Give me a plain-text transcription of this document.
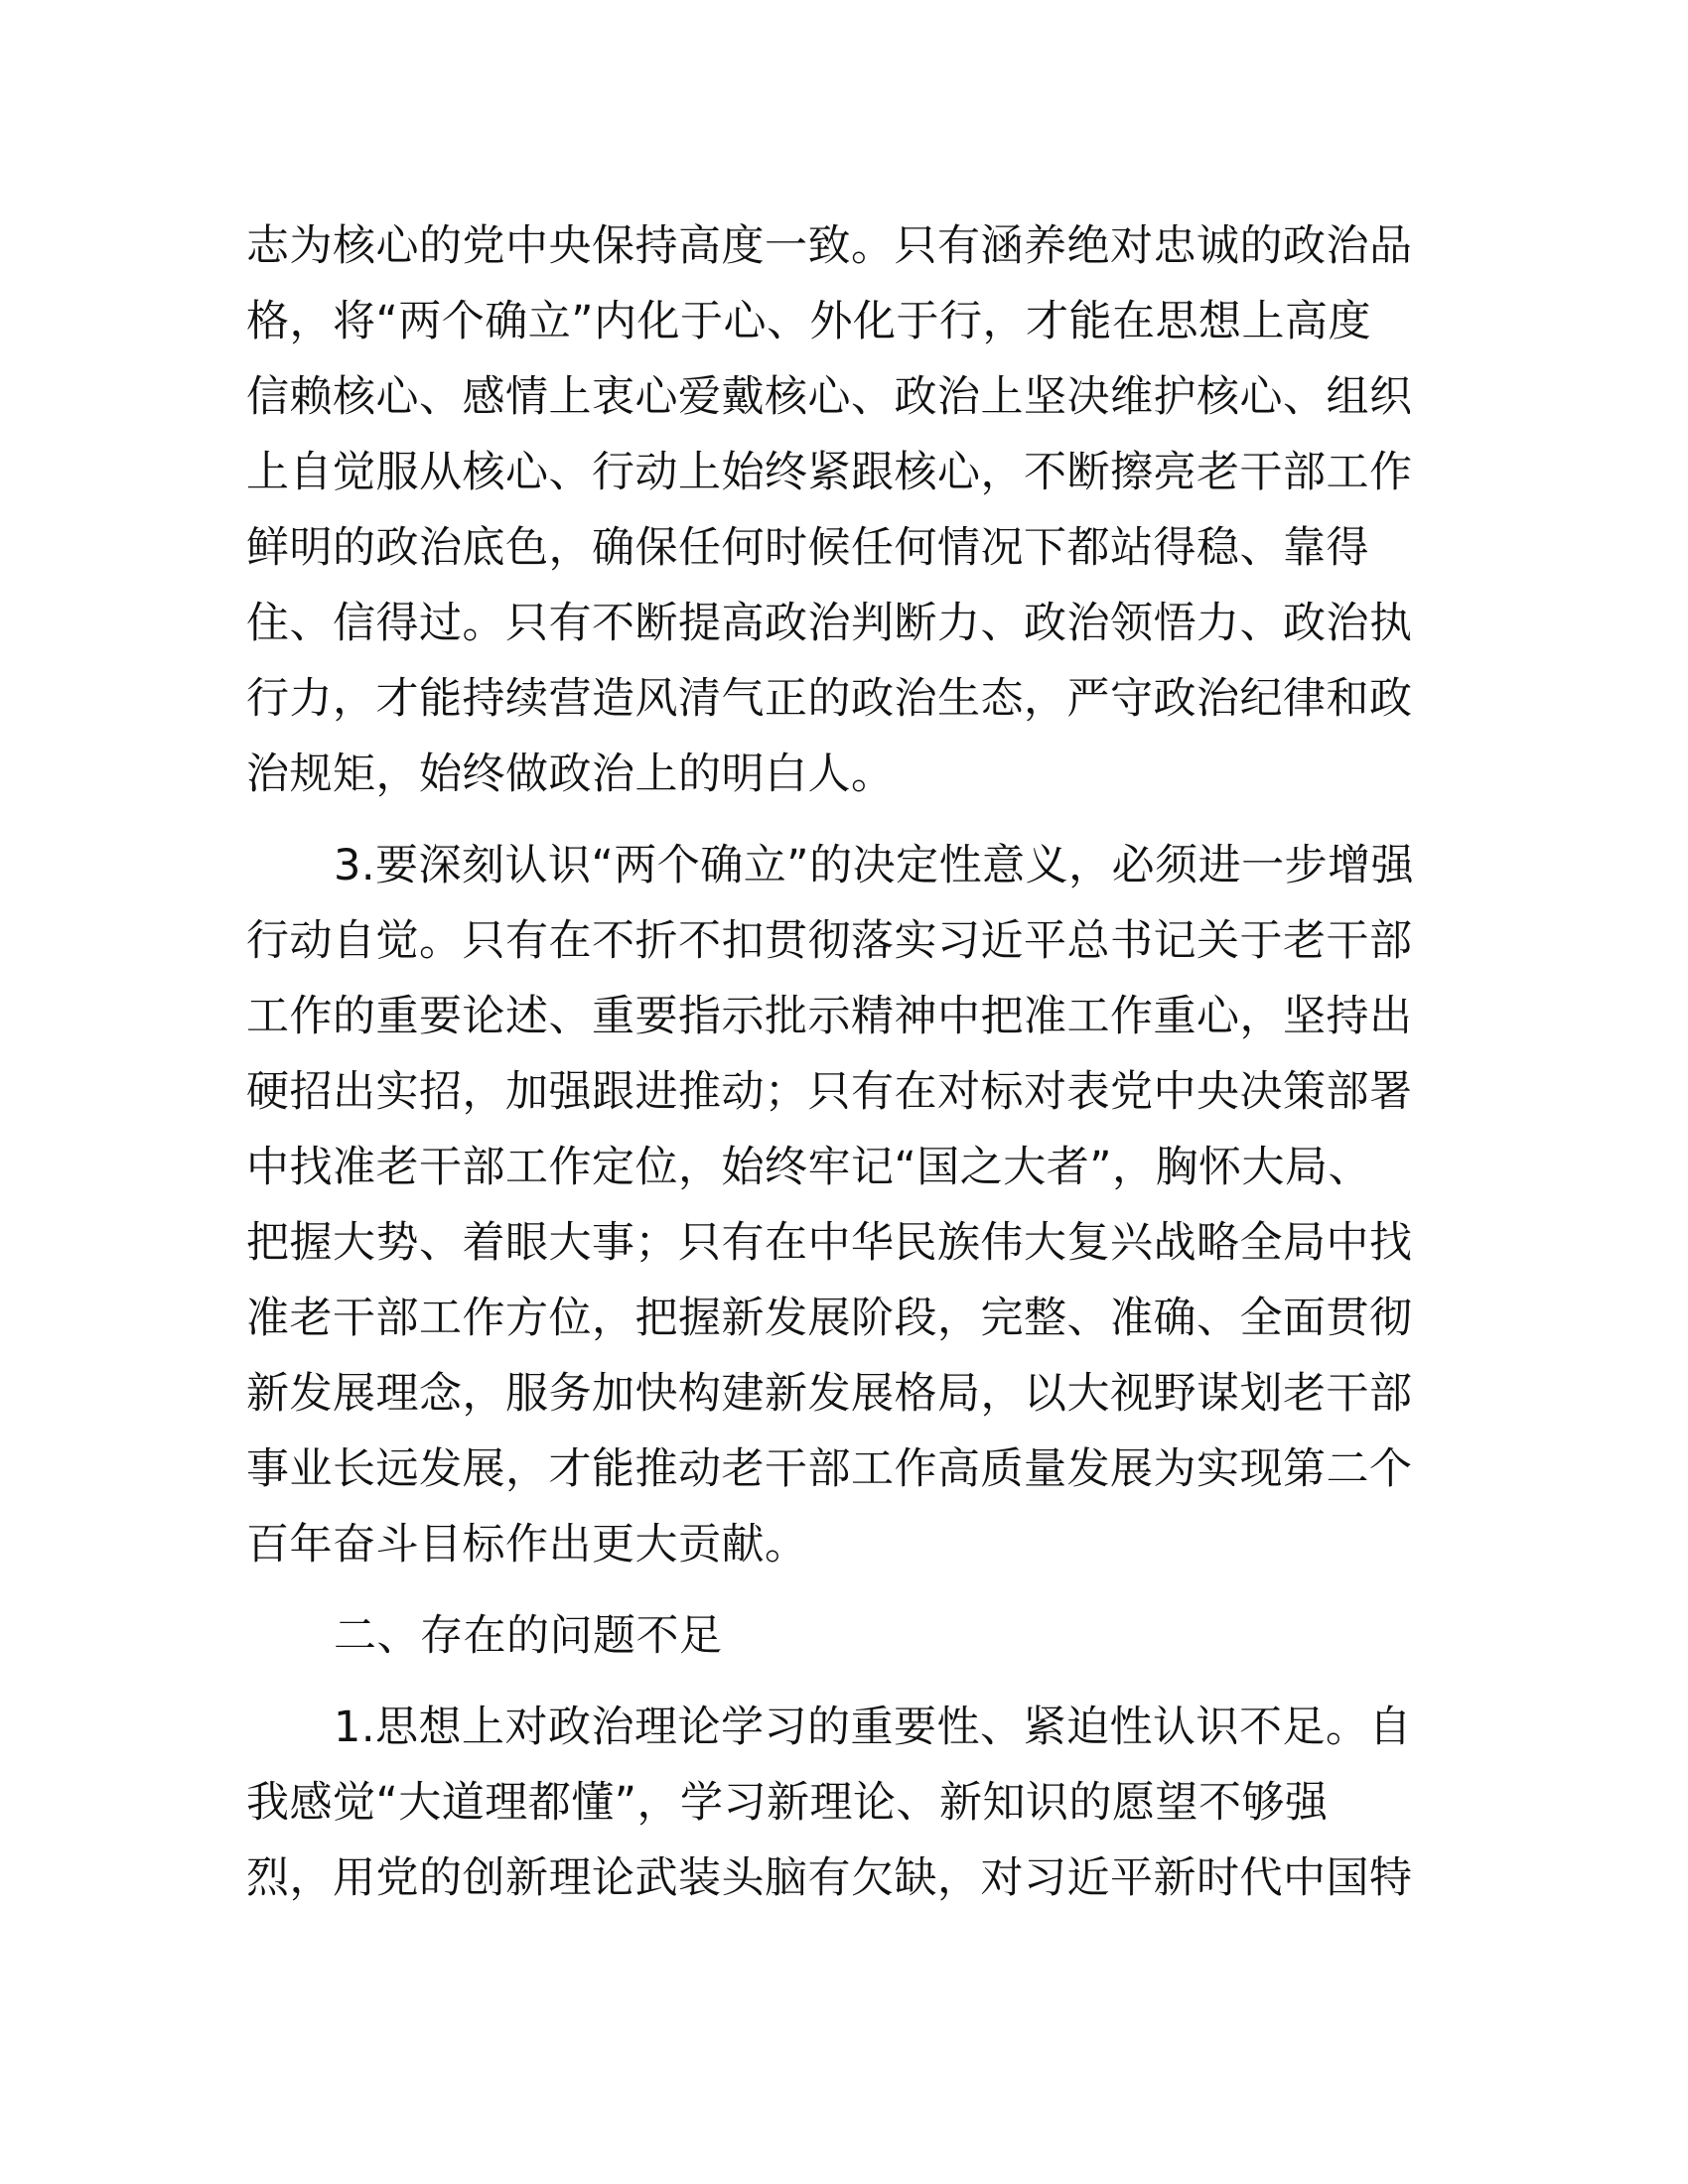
志为核心的党中央保持高度一致。只有涵养绝对忠诚的政治品
格，将“两个确立”内化于心、外化于行，才能在思想上高度
信赖核心、感情上衷心爱戴核心、政治上坚决维护核心、组织
上自觉服从核心、行动上始终紧跟核心，不断擦亮老干部工作
鲜明的政治底色，确保任何时候任何情况下都站得稳、靠得
住、信得过。只有不断提高政治判断力、政治领悟力、政治执
行力，才能持续营造风清气正的政治生态，严守政治纪律和政
治规矩，始终做政治上的明白人。
3.要深刻认识“两个确立”的决定性意义，必须进一步增强
行动自觉。只有在不折不扣贯彻落实习近平总书记关于老干部
工作的重要论述、重要指示批示精神中把准工作重心，坚持出
硬招出实招，加强跟进推动；只有在对标对表党中央决策部署
中找准老干部工作定位，始终牢记“国之大者”，胸怀大局、
把握大势、着眼大事；只有在中华民族伟大复兴战略全局中找
准老干部工作方位，把握新发展阶段，完整、准确、全面贯彻
新发展理念，服务加快构建新发展格局，以大视野谋划老干部
事业长远发展，才能推动老干部工作高质量发展为实现第二个
百年奋斗目标作出更大贡献。
二、存在的问题不足
1.思想上对政治理论学习的重要性、紧迫性认识不足。自
我感觉“大道理都懂”，学习新理论、新知识的愿望不够强
烈，用党的创新理论武装头脑有欠缺，对习近平新时代中国特
